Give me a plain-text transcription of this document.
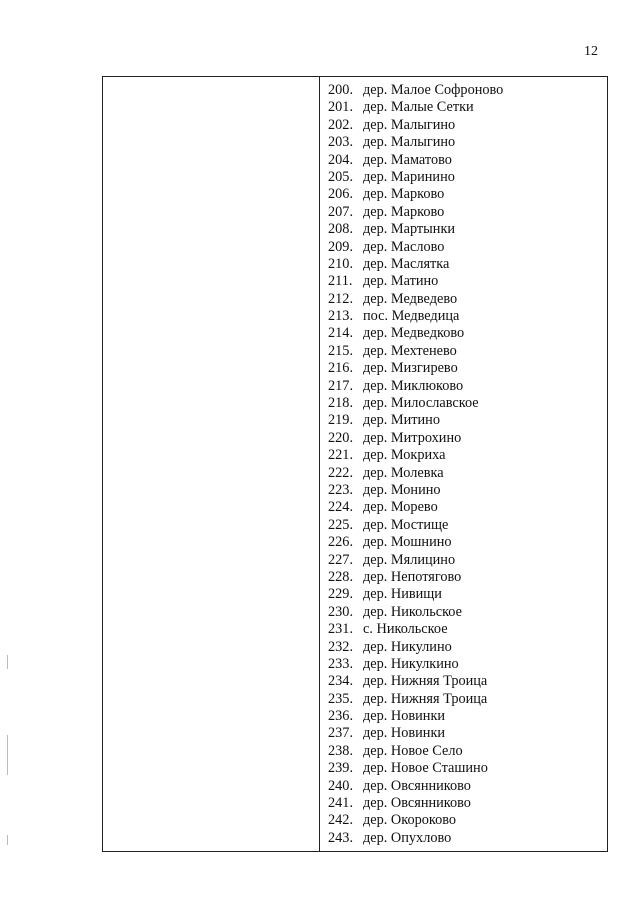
12
200. дер. Малое Софроново
201. дер. Малые Сетки
202. дер. Малыгино
203. дер. Малыгино
204. дер. Маматово
205. дер. Маринино
206. дер. Марково
207. дер. Марково
208. дер. Мартынки
209. дер. Маслово
210. дер. Маслятка
211. дер. Матино
212. дер. Медведево
213. пос. Медведица
214. дер. Медведково
215. дер. Мехтенево
216. дер. Мизгирево
217. дер. Миклюково
218. дер. Милославское
219. дер. Митино
220. дер. Митрохино
221. дер. Мокриха
222. дер. Молевка
223. дер. Монино
224. дер. Морево
225. дер. Мостище
226. дер. Мошнино
227. дер. Мялицино
228. дер. Непотягово
229. дер. Нивищи
230. дер. Никольское
231. с. Никольское
232. дер. Никулино
233. дер. Никулкино
234. дер. Нижняя Троица
235. дер. Нижняя Троица
236. дер. Новинки
237. дер. Новинки
238. дер. Новое Село
239. дер. Новое Сташино
240. дер. Овсянниково
241. дер. Овсянниково
242. дер. Окороково
243. дер. Опухлово
